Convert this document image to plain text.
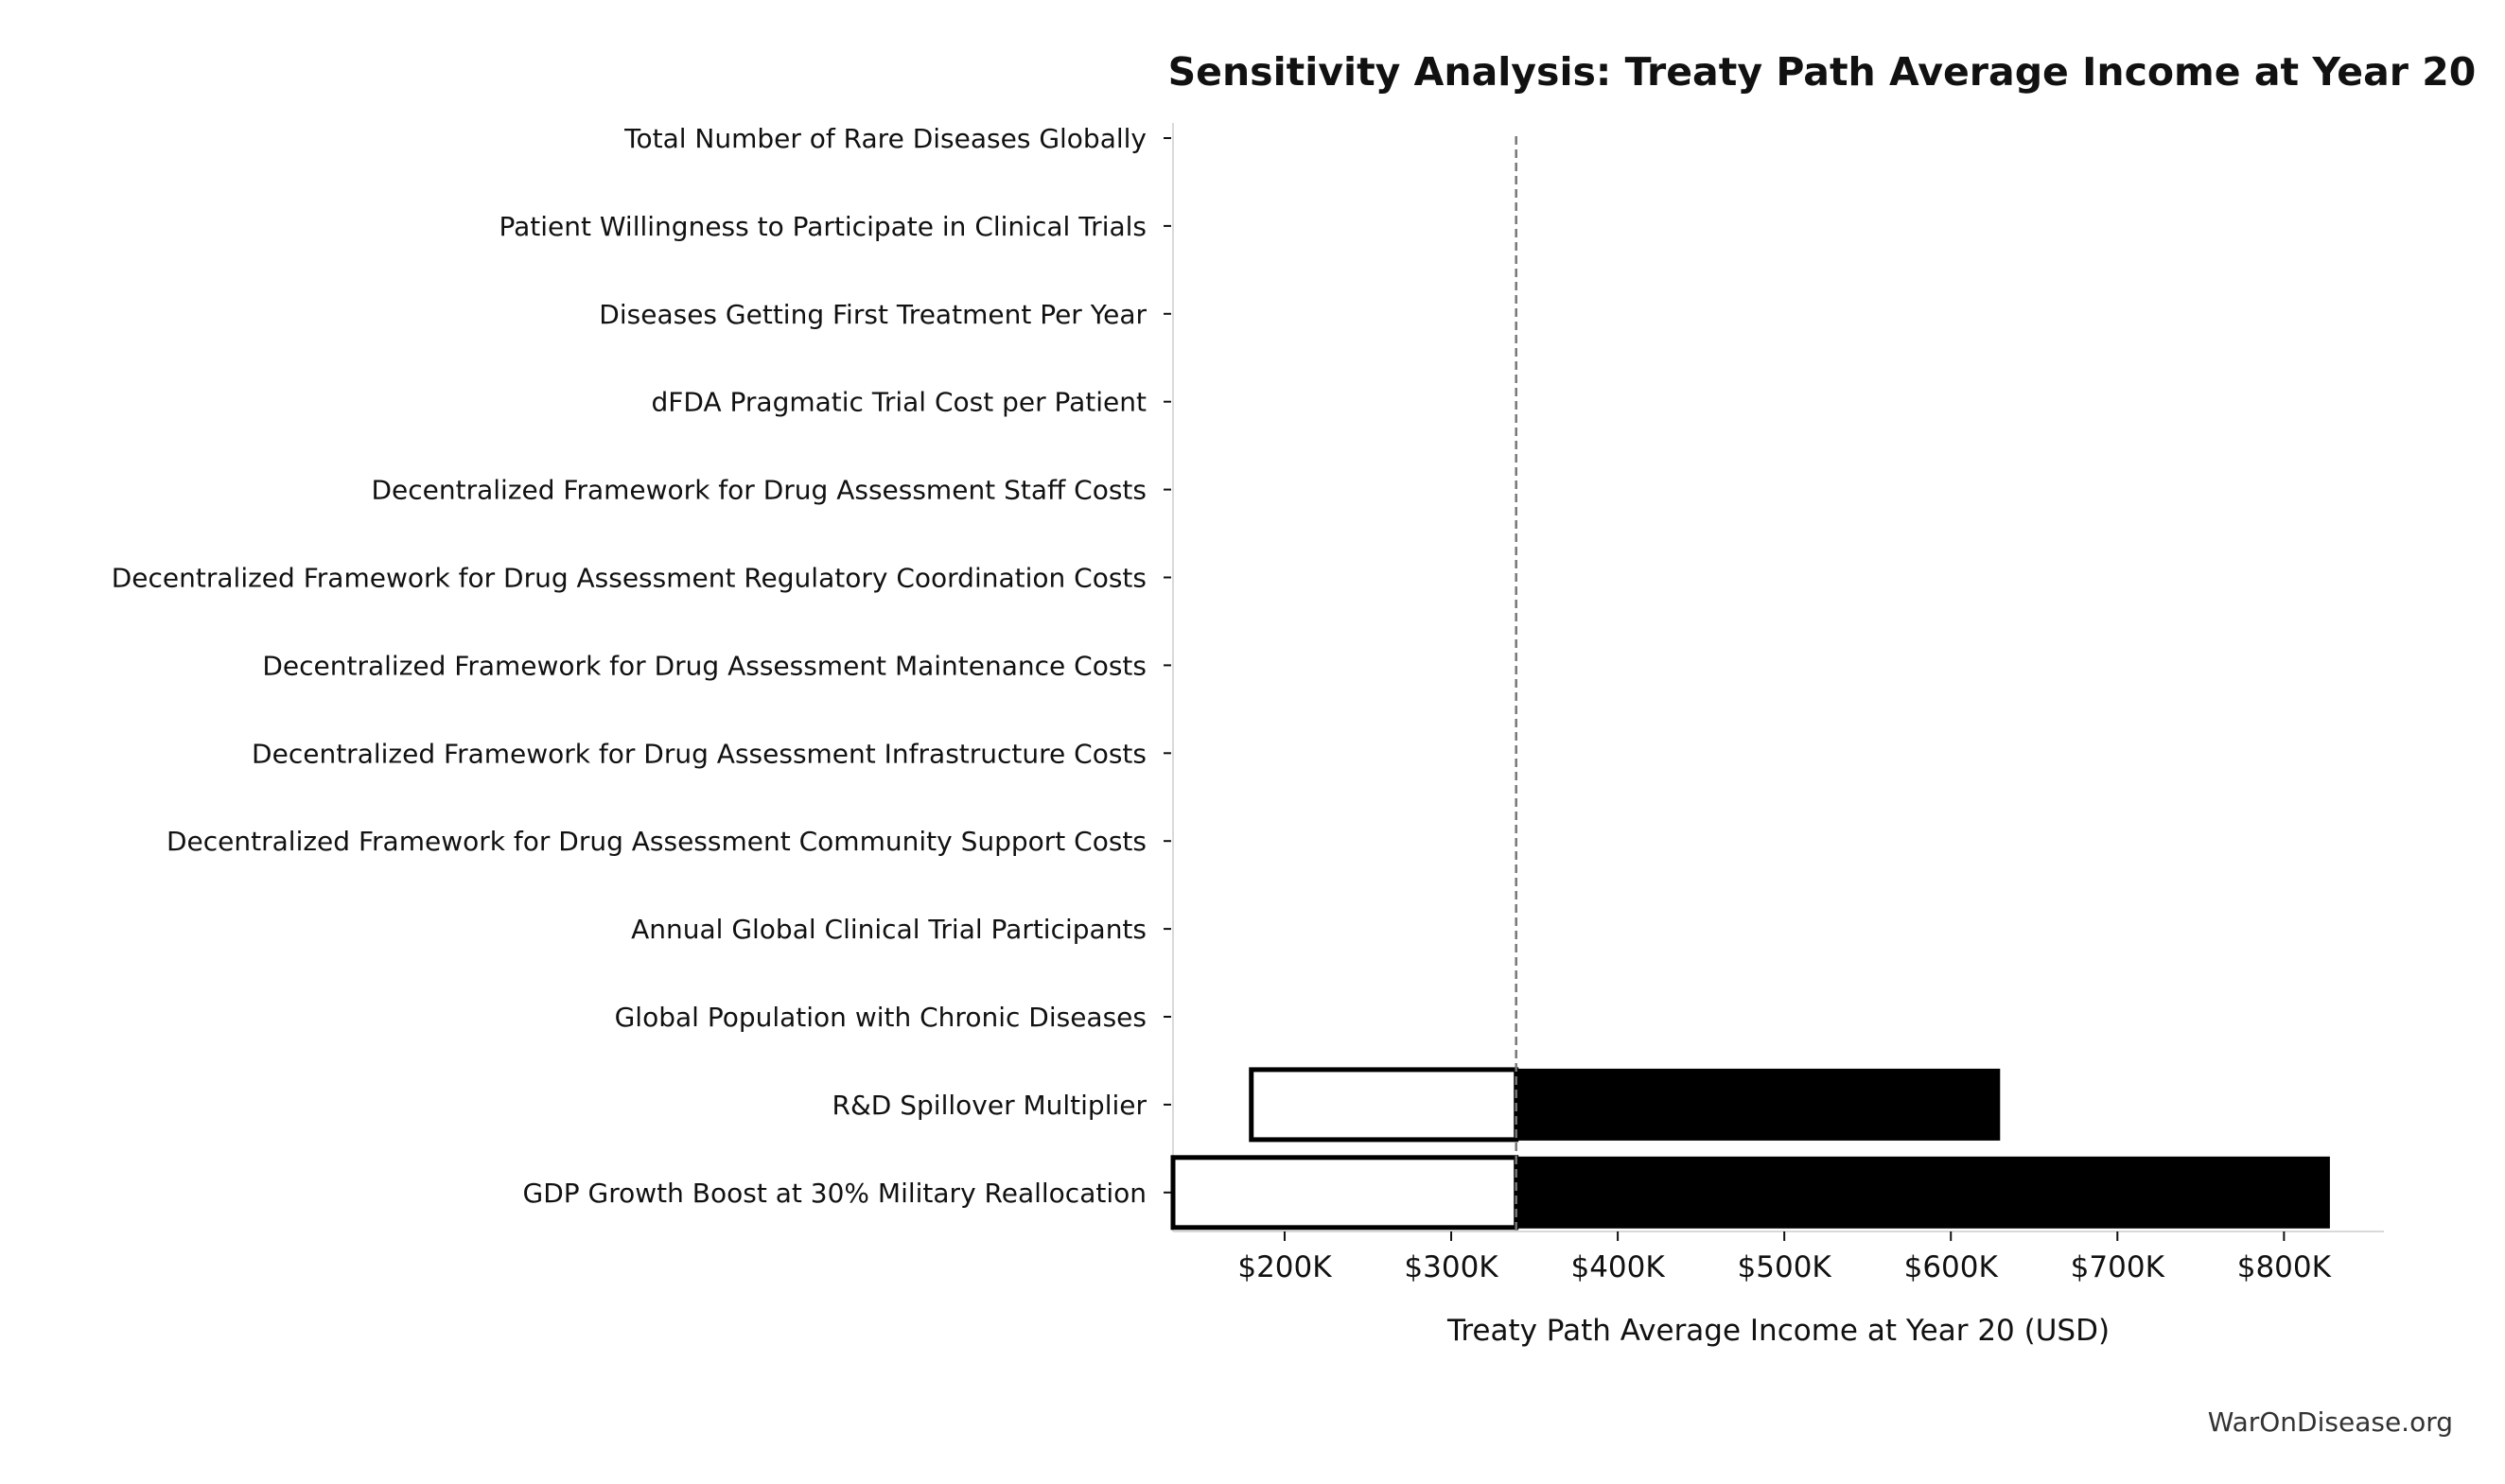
Sensitivity Analysis: Treaty Path Average Income at Year 20
Total Number of Rare Diseases Globally
Patient Willingness to Participate in Clinical Trials
Diseases Getting First Treatment Per Year
dFDA Pragmatic Trial Cost per Patient
Decentralized Framework for Drug Assessment Staff Costs
Decentralized Framework for Drug Assessment Regulatory Coordination Costs
Decentralized Framework for Drug Assessment Maintenance Costs
Decentralized Framework for Drug Assessment Infrastructure Costs
Decentralized Framework for Drug Assessment Community Support Costs
Annual Global Clinical Trial Participants
Global Population with Chronic Diseases
R&D Spillover Multiplier
GDP Growth Boost at 30% Military Reallocation
$200K $300K $400K $500K $600K $700K $800K
Treaty Path Average Income at Year 20 (USD)
WarOnDisease.org
